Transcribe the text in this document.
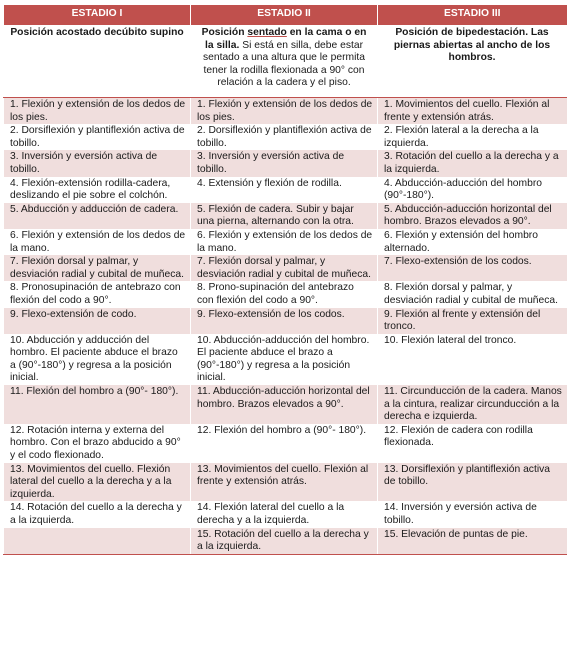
ESTADIO I	ESTADIO II	ESTADIO III
Posición acostado decúbito supino	Posición sentado en la cama o en la silla. Si está en silla, debe estar sentado a una altura que le permita tener la rodilla flexionada a 90° con relación a la cadera y el piso.	Posición de bipedestación. Las piernas abiertas al ancho de los hombros.
1. Flexión y extensión de los dedos de los pies.	1. Flexión y extensión de los dedos de los pies.	1. Movimientos del cuello. Flexión al frente y extensión atrás.
2. Dorsiflexión y plantiflexión activa de tobillo.	2. Dorsiflexión y plantiflexión activa de tobillo.	2. Flexión lateral a la derecha a la izquierda.
3. Inversión y eversión activa de tobillo.	3. Inversión y eversión activa de tobillo.	3. Rotación del cuello a la derecha y a la izquierda.
4. Flexión-extensión rodilla-cadera, deslizando el pie sobre el colchón.	4. Extensión y flexión de rodilla.	4. Abducción-aducción del hombro (90°-180°).
5. Abducción y adducción de cadera.	5. Flexión de cadera. Subir y bajar una pierna, alternando con la otra.	5. Abducción-aducción horizontal del hombro. Brazos elevados a 90°.
6. Flexión y extensión de los dedos de la mano.	6. Flexión y extensión de los dedos de la mano.	6. Flexión y extensión del hombro alternado.
7. Flexión dorsal y palmar, y desviación radial y cubital de muñeca.	7. Flexión dorsal y palmar, y desviación radial y cubital de muñeca.	7. Flexo-extensión de los codos.
8. Pronosupinación de antebrazo con flexión del codo a 90°.	8. Prono-supinación del antebrazo con flexión del codo a 90°.	8. Flexión dorsal y palmar, y desviación radial y cubital de muñeca.
9. Flexo-extensión de codo.	9. Flexo-extensión de los codos.	9. Flexión al frente y extensión del tronco.
10. Abducción y adducción del hombro. El paciente abduce el brazo a (90°-180°) y regresa a la posición inicial.	10. Abducción-adducción del hombro. El paciente abduce el brazo a (90°-180°) y regresa a la posición inicial.	10. Flexión lateral del tronco.
11. Flexión del hombro a (90°- 180°).	11. Abducción-aducción horizontal del hombro. Brazos elevados a 90°.	11. Circunducción de la cadera. Manos a la cintura, realizar circunducción a la derecha e izquierda.
12. Rotación interna y externa del hombro. Con el brazo abducido a 90° y el codo flexionado.	12. Flexión del hombro a (90°- 180°).	12. Flexión de cadera con rodilla flexionada.
13. Movimientos del cuello. Flexión lateral del cuello a la derecha y a la izquierda.	13. Movimientos del cuello. Flexión al frente y extensión atrás.	13. Dorsiflexión y plantiflexión activa de tobillo.
14. Rotación del cuello a la derecha y a la izquierda.	14. Flexión lateral del cuello a la derecha y a la izquierda.	14. Inversión y eversión activa de tobillo.
	15. Rotación del cuello a la derecha y a la izquierda.	15. Elevación de puntas de pie.
